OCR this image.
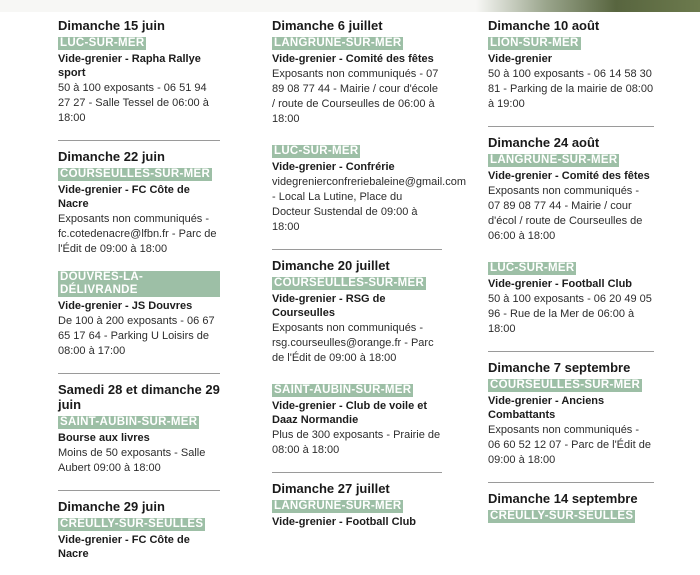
Dimanche 15 juin
LUC-SUR-MER
Vide-grenier - Rapha Rallye sport
50 à 100 exposants - 06 51 94 27 27 - Salle Tessel de 06:00 à 18:00
Dimanche 22 juin
COURSEULLES-SUR-MER
Vide-grenier - FC Côte de Nacre
Exposants non communiqués - fc.cotedenacre@lfbn.fr - Parc de l'Édit de 09:00 à 18:00
DOUVRES-LA-DÉLIVRANDE
Vide-grenier - JS Douvres
De 100 à 200 exposants - 06 67 65 17 64 - Parking U Loisirs de 08:00 à 17:00
Samedi 28 et dimanche 29 juin
SAINT-AUBIN-SUR-MER
Bourse aux livres
Moins de 50 exposants - Salle Aubert 09:00 à 18:00
Dimanche 29 juin
CREULLY-SUR-SEULLES
Vide-grenier - FC Côte de Nacre
Dimanche 6 juillet
LANGRUNE-SUR-MER
Vide-grenier - Comité des fêtes
Exposants non communiqués - 07 89 08 77 44 - Mairie / cour d'école / route de Courseulles de 06:00 à 18:00
LUC-SUR-MER
Vide-grenier - Confrérie
videgrenierconfreriebaleine@gmail.com - Local La Lutine, Place du Docteur Sustendal de 09:00 à 18:00
Dimanche 20 juillet
COURSEULLES-SUR-MER
Vide-grenier - RSG de Courseulles
Exposants non communiqués - rsg.courseulles@orange.fr - Parc de l'Édit de 09:00 à 18:00
SAINT-AUBIN-SUR-MER
Vide-grenier - Club de voile et Daaz Normandie
Plus de 300 exposants - Prairie de 08:00 à 18:00
Dimanche 27 juillet
LANGRUNE-SUR-MER
Vide-grenier - Football Club
Dimanche 10 août
LION-SUR-MER
Vide-grenier
50 à 100 exposants - 06 14 58 30 81 - Parking de la mairie de 08:00 à 19:00
Dimanche 24 août
LANGRUNE-SUR-MER
Vide-grenier - Comité des fêtes
Exposants non communiqués - 07 89 08 77 44 - Mairie / cour d'écol / route de Courseulles de 06:00 à 18:00
LUC-SUR-MER
Vide-grenier - Football Club
50 à 100 exposants - 06 20 49 05 96 - Rue de la Mer de 06:00 à 18:00
Dimanche 7 septembre
COURSEULLES-SUR-MER
Vide-grenier - Anciens Combattants
Exposants non communiqués - 06 60 52 12 07 - Parc de l'Édit de 09:00 à 18:00
Dimanche 14 septembre
CREULLY-SUR-SEULLES
